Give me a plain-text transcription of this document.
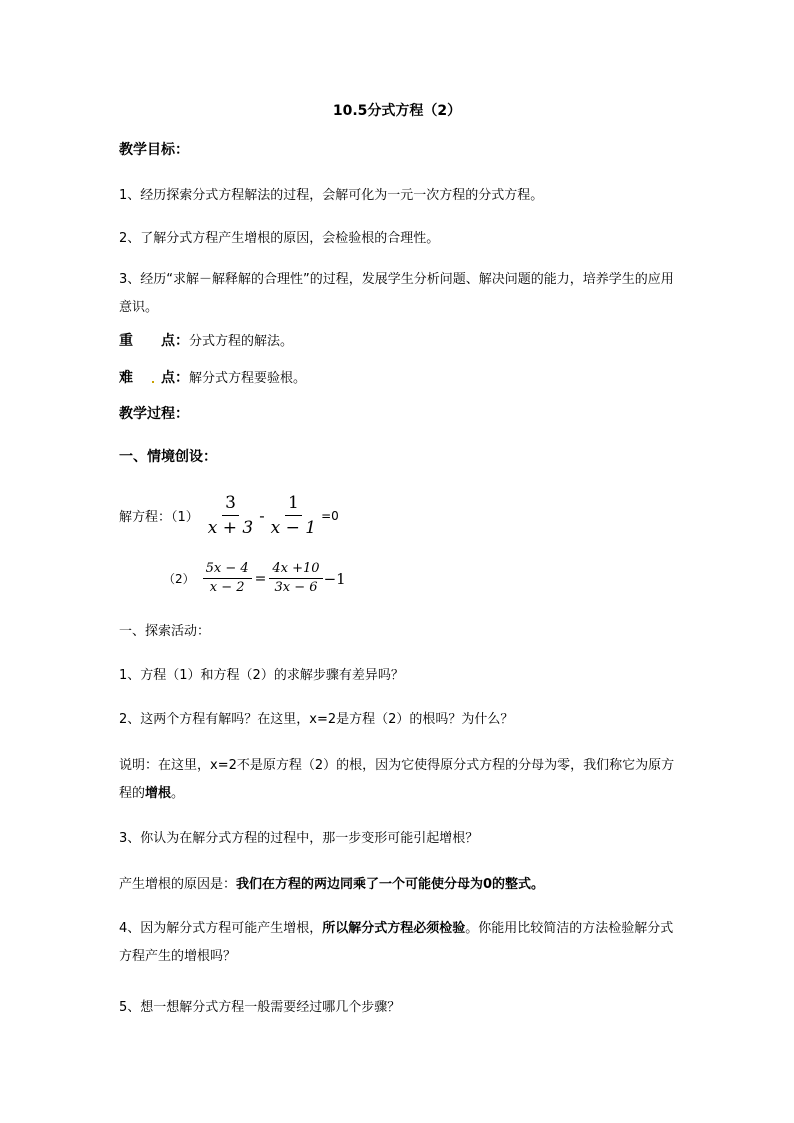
10.5分式方程（2）
教学目标：
1、经历探索分式方程解法的过程，会解可化为一元一次方程的分式方程。
2、了解分式方程产生增根的原因，会检验根的合理性。
3、经历“求解－解释解的合理性”的过程，发展学生分析问题、解决问题的能力，培养学生的应用意识。
重 点：分式方程的解法。
难 点：解分式方程要验根。
教学过程：
一、情境创设：
解方程：$(1) \frac{3}{x + 3} - \frac{1}{x - 1} =0$
$(2) \frac{5x - 4}{x - 2} = \frac{4x +10}{3x - 6} -1$
一、探索活动：
1、方程（1）和方程（2）的求解步骤有差异吗？
2、这两个方程有解吗？在这里，x=2是方程（2）的根吗？为什么？
说明：在这里，x=2不是原方程（2）的根，因为它使得原分式方程的分母为零，我们称它为原方程的增根。
3、你认为在解分式方程的过程中，那一步变形可能引起增根？
产生增根的原因是：我们在方程的两边同乘了一个可能使分母为0的整式。
4、因为解分式方程可能产生增根，所以解分式方程必须检验。你能用比较简洁的方法检验解分式方程产生的增根吗？
5、想一想解分式方程一般需要经过哪几个步骤？
